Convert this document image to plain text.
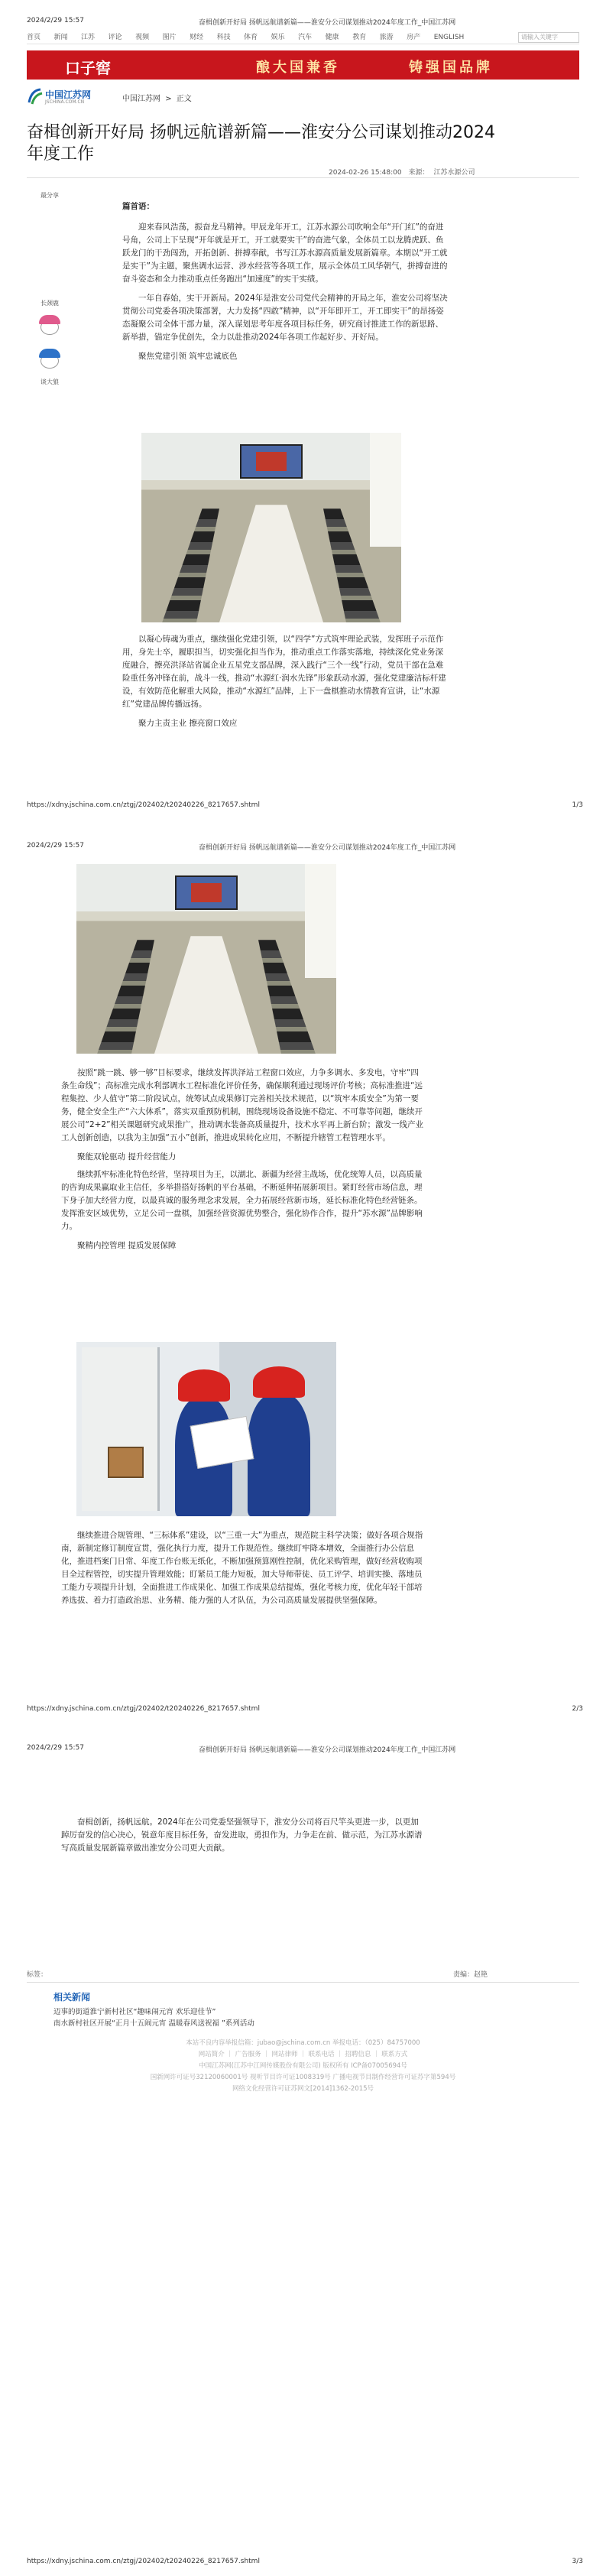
2024/2/29 15:57	奋楫创新开好局 扬帆远航谱新篇——淮安分公司谋划推动2024年度工作_中国江苏网
首页 新闻 江苏 评论 视频 图片 财经 科技 体育 娱乐 汽车 健康 教育 旅游 房产 ENGLISH	请输入关键字
口子窖	酿大国兼香	铸强国品牌
中国江苏网
JSCHINA.COM.CN	中国江苏网 > 正文
奋楫创新开好局 扬帆远航谱新篇——淮安分公司谋划推动2024年度工作
2024-02-26 15:48:00 来源： 江苏水源公司
最分享
长颈鹿
谈大狼

篇首语：

迎来春风浩荡，振奋龙马精神。甲辰龙年开工，江苏水源公司吹响全年“开门红”的奋进号角，公司上下呈现“开年就是开工，开工就要实干”的奋进气象，全体员工以龙腾虎跃、鱼跃龙门的干劲闯劲，开拓创新、拼搏奉献，书写江苏水源高质量发展新篇章。本期以“开工就是实干”为主题，聚焦调水运营、涉水经营等各项工作，展示全体员工风华朝气，拼搏奋进的奋斗姿态和全力推动重点任务跑出“加速度”的实干实绩。

一年自春始，实干开新局。2024年是淮安公司党代会精神的开局之年，淮安公司将坚决贯彻公司党委各项决策部署，大力发扬“四敢”精神，以“开年即开工，开工即实干”的昂扬姿态凝聚公司全体干部力量，深入谋划思考年度各项目标任务，研究商讨推进工作的新思路、新举措，锚定争优创先，全力以赴推动2024年各项工作起好步、开好局。

聚焦党建引领 筑牢忠诚底色

以凝心铸魂为重点，继续强化党建引领，以“四学”方式筑牢理论武装，发挥班子示范作用，身先士卒，履职担当，切实强化担当作为，推动重点工作落实落地，持续深化党业务深度融合，擦亮洪泽站省属企业五星党支部品牌，深入践行“三个一线”行动，党员干部在急难险重任务冲锋在前，战斗一线，推动“水源红·润水先锋”形象跃动水源，强化党建廉洁标杆建设，有效防范化解重大风险，推动“水源红”品牌，上下一盘棋推动水情教育宣讲，让“水源红”党建品牌传播远扬。

聚力主责主业 擦亮窗口效应

https://xdny.jschina.com.cn/ztgj/202402/t20240226_8217657.shtml	1/3
2024/2/29 15:57	奋楫创新开好局 扬帆远航谱新篇——淮安分公司谋划推动2024年度工作_中国江苏网

按照“跳一跳、够一够”目标要求，继续发挥洪泽站工程窗口效应，力争多调水、多发电，守牢“四条生命线”；高标准完成水利部调水工程标准化评价任务，确保顺利通过现场评价考核；高标准推进“远程集控、少人值守”第二阶段试点，统筹试点成果修订完善相关技术规范，以“筑牢本质安全”为第一要务，健全安全生产“六大体系”，落实双重预防机制，围绕现场设备设施不稳定、不可靠等问题，继续开展公司“2+2”相关课题研究成果推广，推动调水装备高质量提升，技术水平再上新台阶；激发一线产业工人创新创造，以我为主加强“五小”创新，推进成果转化应用，不断提升辖管工程管理水平。

聚能双轮驱动 提升经营能力

继续抓牢标准化特色经营，坚持项目为王，以湖北、新疆为经营主战场，优化统筹人员，以高质量的咨询成果赢取业主信任，多举措搭好扬帆的平台基础，不断延伸拓展新项目。紧盯经营市场信息，理下身子加大经营力度，以最真诚的服务理念求发展，全力拓展经营新市场，延长标准化特色经营链条。发挥淮安区域优势，立足公司一盘棋，加强经营资源优势整合，强化协作合作，提升“苏水源”品牌影响力。

聚精内控管理 提质发展保障

继续推进合规管理、“三标体系”建设，以“三重一大”为重点，规范院主科学决策；做好各项合规指南，新制定修订制度宣贯，强化执行力度，提升工作规范性。继续盯牢降本增效，全面推行办公信息化，推进档案门日常、年度工作台账无纸化，不断加强预算刚性控制，优化采购管理，做好经营收购项目全过程管控，切实提升管理效能；盯紧员工能力短板，加大导师带徒、员工评学、培训实操、落地员工能力专项提升计划，全面推进工作成果化、加强工作成果总结提炼，强化考核力度，优化年轻干部培养选拔、着力打造政治思、业务精、能力强的人才队伍，为公司高质量发展提供坚强保障。

https://xdny.jschina.com.cn/ztgj/202402/t20240226_8217657.shtml	2/3
2024/2/29 15:57	奋楫创新开好局 扬帆远航谱新篇——淮安分公司谋划推动2024年度工作_中国江苏网

奋楫创新，扬帆远航。2024年在公司党委坚强领导下，淮安分公司将百尺竿头更进一步，以更加踔厉奋发的信心决心，锐意年度目标任务，奋发进取，勇担作为，力争走在前、做示范，为江苏水源谱写高质量发展新篇章做出淮安分公司更大贡献。

标签：	责编：赵艳
相关新闻
迈事的街道淮宁新村社区“趣味闹元宵 欢乐迎佳节”
南水新村社区开展“正月十五闹元宵 温暖春风送祝福 ”系列活动
本站不良内容举报信箱：jubao@jschina.com.cn 举报电话：（025）84757000
网站简介 ｜ 广告服务 ｜ 网站律师 ｜ 联系电话 ｜ 招聘信息 ｜ 联系方式
中国江苏网(江苏中江网传媒股份有限公司) 版权所有 ICP备07005694号
国新网许可证号32120060001号 视听节目许可证1008319号 广播电视节目制作经营许可证苏字第594号
网络文化经营许可证苏网文[2014]1362-2015号
https://xdny.jschina.com.cn/ztgj/202402/t20240226_8217657.shtml	3/3
